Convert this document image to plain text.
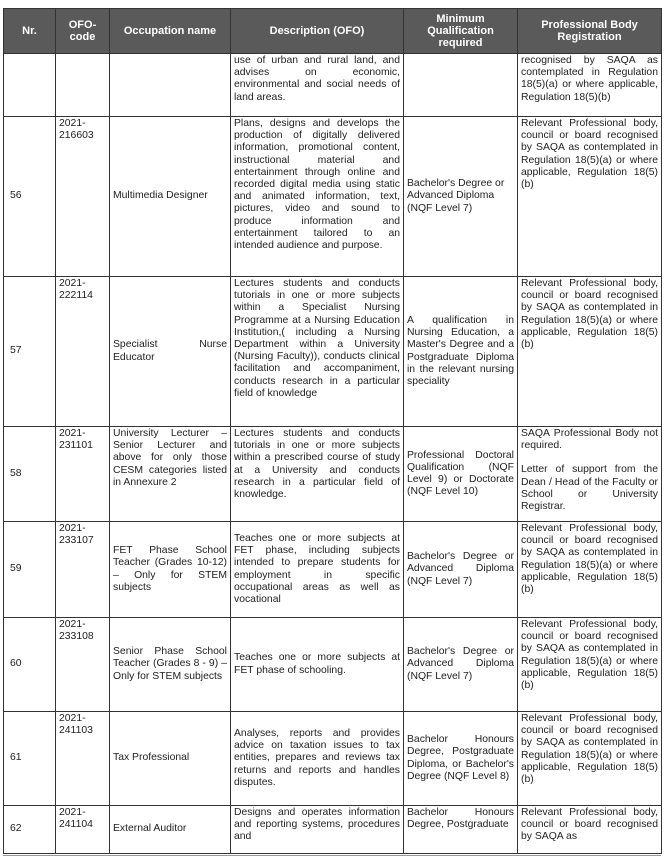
Nr.	OFO-code	Occupation name	Description (OFO)	Minimum Qualification required	Professional Body Registration
			use of urban and rural land, and advises on economic, environmental and social needs of land areas.		recognised by SAQA as contemplated in Regulation 18(5)(a) or where applicable, Regulation 18(5)(b)
56	2021-216603	Multimedia Designer	Plans, designs and develops the production of digitally delivered information, promotional content, instructional material and entertainment through online and recorded digital media using static and animated information, text, pictures, video and sound to produce information and entertainment tailored to an intended audience and purpose.	Bachelor's Degree or Advanced Diploma (NQF Level 7)	Relevant Professional body, council or board recognised by SAQA as contemplated in Regulation 18(5)(a) or where applicable, Regulation 18(5)(b)
57	2021-222114	Specialist Nurse Educator	Lectures students and conducts tutorials in one or more subjects within a Specialist Nursing Programme at a Nursing Education Institution,( including a Nursing Department within a University (Nursing Faculty)), conducts clinical facilitation and accompaniment, conducts research in a particular field of knowledge	A qualification in Nursing Education, a Master's Degree and a Postgraduate Diploma in the relevant nursing speciality	Relevant Professional body, council or board recognised by SAQA as contemplated in Regulation 18(5)(a) or where applicable, Regulation 18(5)(b)
58	2021-231101	University Lecturer – Senior Lecturer and above for only those CESM categories listed in Annexure 2	Lectures students and conducts tutorials in one or more subjects within a prescribed course of study at a University and conducts research in a particular field of knowledge.	Professional Doctoral Qualification (NQF Level 9) or Doctorate (NQF Level 10)	SAQA Professional Body not required.
Letter of support from the Dean / Head of the Faculty or School or University Registrar.
59	2021-233107	FET Phase School Teacher (Grades 10-12) – Only for STEM subjects	Teaches one or more subjects at FET phase, including subjects intended to prepare students for employment in specific occupational areas as well as vocational	Bachelor's Degree or Advanced Diploma (NQF Level 7)	Relevant Professional body, council or board recognised by SAQA as contemplated in Regulation 18(5)(a) or where applicable, Regulation 18(5)(b)
60	2021-233108	Senior Phase School Teacher (Grades 8 - 9) – Only for STEM subjects	Teaches one or more subjects at FET phase of schooling.	Bachelor's Degree or Advanced Diploma (NQF Level 7)	Relevant Professional body, council or board recognised by SAQA as contemplated in Regulation 18(5)(a) or where applicable, Regulation 18(5)(b)
61	2021-241103	Tax Professional	Analyses, reports and provides advice on taxation issues to tax entities, prepares and reviews tax returns and reports and handles disputes.	Bachelor Honours Degree, Postgraduate Diploma, or Bachelor's Degree (NQF Level 8)	Relevant Professional body, council or board recognised by SAQA as contemplated in Regulation 18(5)(a) or where applicable, Regulation 18(5)(b)
62	2021-241104	External Auditor	Designs and operates information and reporting systems, procedures and	Bachelor Honours Degree, Postgraduate	Relevant Professional body, council or board recognised by SAQA as
